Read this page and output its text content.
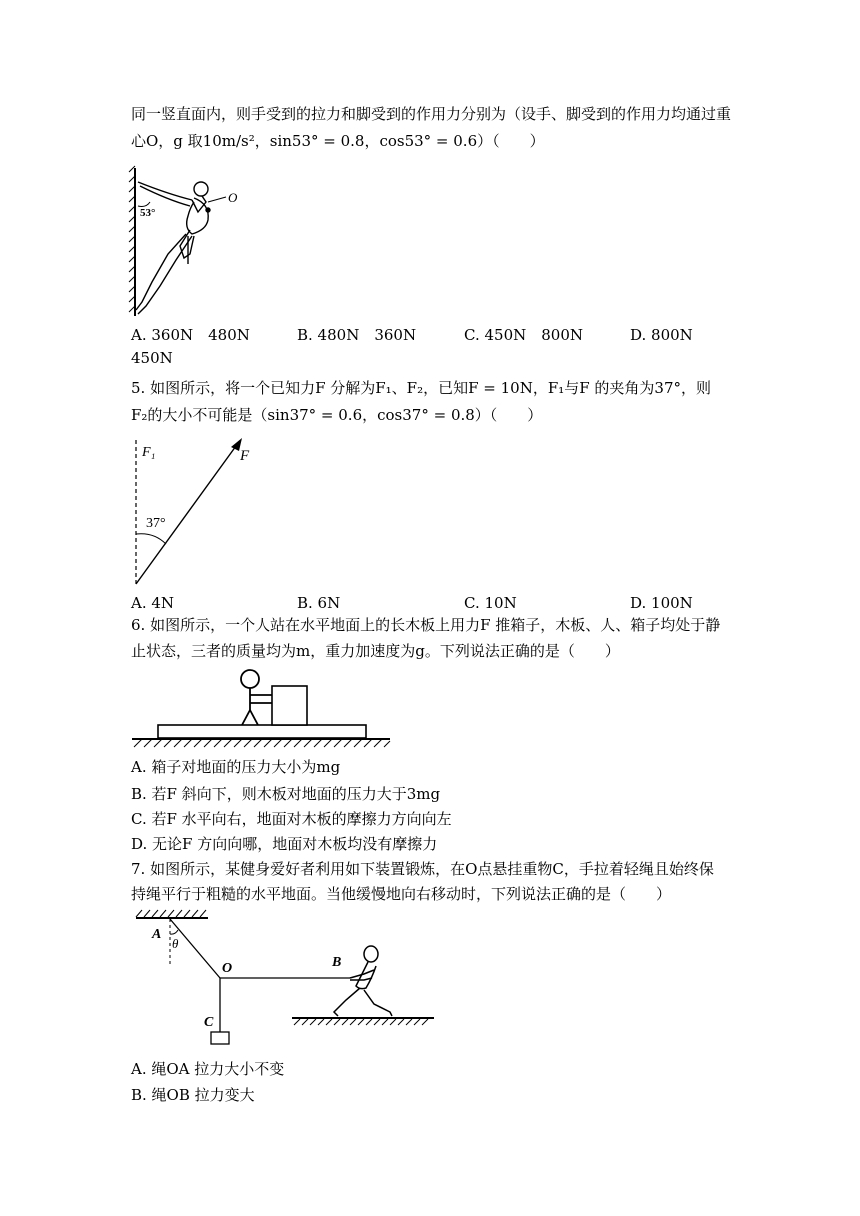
同一竖直面内，则手受到的拉力和脚受到的作用力分别为（设手、脚受到的作用力均通过重
心O，g 取10m/s²，sin53° = 0.8，cos53° = 0.6）（　　）
53°
O
A. 360N　480N	B. 480N　360N	C. 450N　800N	D. 800N
450N
5. 如图所示，将一个已知力F 分解为F₁、F₂，已知F = 10N，F₁与F 的夹角为37°，则
F₂的大小不可能是（sin37° = 0.6，cos37° = 0.8）（　　）
F₁	F
37°
A. 4N	B. 6N	C. 10N	D. 100N
6. 如图所示，一个人站在水平地面上的长木板上用力F 推箱子，木板、人、箱子均处于静
止状态，三者的质量均为m，重力加速度为g。下列说法正确的是（　　）
A. 箱子对地面的压力大小为mg
B. 若F 斜向下，则木板对地面的压力大于3mg
C. 若F 水平向右，地面对木板的摩擦力方向向左
D. 无论F 方向向哪，地面对木板均没有摩擦力
7. 如图所示，某健身爱好者利用如下装置锻炼，在O点悬挂重物C，手拉着轻绳且始终保
持绳平行于粗糙的水平地面。当他缓慢地向右移动时，下列说法正确的是（　　）
A
θ
O	B
C
A. 绳OA 拉力大小不变
B. 绳OB 拉力变大
